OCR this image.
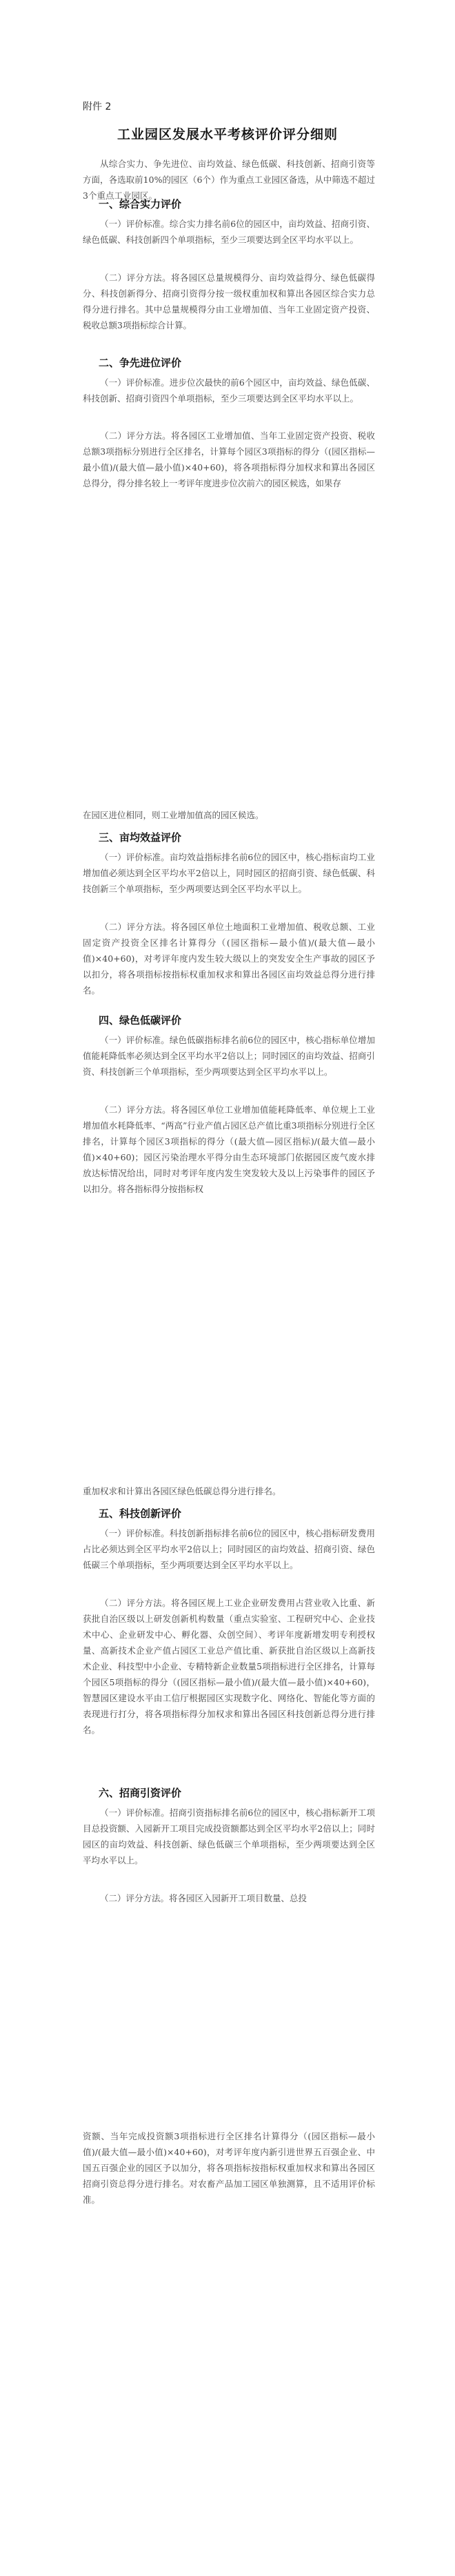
附件 2
工业园区发展水平考核评价评分细则

从综合实力、争先进位、亩均效益、绿色低碳、科技创新、招商引资等方面，各选取前10%的园区（6个）作为重点工业园区备选，从中筛选不超过3个重点工业园区。

一、综合实力评价

（一）评价标准。综合实力排名前6位的园区中，亩均效益、招商引资、绿色低碳、科技创新四个单项指标，至少三项要达到全区平均水平以上。

（二）评分方法。将各园区总量规模得分、亩均效益得分、绿色低碳得分、科技创新得分、招商引资得分按一级权重加权和算出各园区综合实力总得分进行排名。其中总量规模得分由工业增加值、当年工业固定资产投资、税收总额3项指标综合计算。

二、争先进位评价

（一）评价标准。进步位次最快的前6个园区中，亩均效益、绿色低碳、科技创新、招商引资四个单项指标，至少三项要达到全区平均水平以上。

（二）评分方法。将各园区工业增加值、当年工业固定资产投资、税收总额3项指标分别进行全区排名，计算每个园区3项指标的得分（(园区指标—最小值)/(最大值—最小值)×40+60)，将各项指标得分加权求和算出各园区总得分，得分排名较上一考评年度进步位次前六的园区候选，如果存

在园区进位相同，则工业增加值高的园区候选。

三、亩均效益评价

（一）评价标准。亩均效益指标排名前6位的园区中，核心指标亩均工业增加值必须达到全区平均水平2倍以上，同时园区的招商引资、绿色低碳、科技创新三个单项指标，至少两项要达到全区平均水平以上。

（二）评分方法。将各园区单位土地面积工业增加值、税收总额、工业固定资产投资全区排名计算得分（(园区指标—最小值)/(最大值—最小值)×40+60)，对考评年度内发生较大级以上的突发安全生产事故的园区予以扣分，将各项指标按指标权重加权求和算出各园区亩均效益总得分进行排名。

四、绿色低碳评价

（一）评价标准。绿色低碳指标排名前6位的园区中，核心指标单位增加值能耗降低率必须达到全区平均水平2倍以上；同时园区的亩均效益、招商引资、科技创新三个单项指标，至少两项要达到全区平均水平以上。

（二）评分方法。将各园区单位工业增加值能耗降低率、单位规上工业增加值水耗降低率、“两高”行业产值占园区总产值比重3项指标分别进行全区排名，计算每个园区3项指标的得分（(最大值—园区指标)/(最大值—最小值)×40+60)；园区污染治理水平得分由生态环境部门依据园区废气废水排放达标情况给出，同时对考评年度内发生突发较大及以上污染事件的园区予以扣分。将各指标得分按指标权

重加权求和计算出各园区绿色低碳总得分进行排名。

五、科技创新评价

（一）评价标准。科技创新指标排名前6位的园区中，核心指标研发费用占比必须达到全区平均水平2倍以上；同时园区的亩均效益、招商引资、绿色低碳三个单项指标，至少两项要达到全区平均水平以上。

（二）评分方法。将各园区规上工业企业研发费用占营业收入比重、新获批自治区级以上研发创新机构数量（重点实验室、工程研究中心、企业技术中心、企业研发中心、孵化器、众创空间）、考评年度新增发明专利授权量、高新技术企业产值占园区工业总产值比重、新获批自治区级以上高新技术企业、科技型中小企业、专精特新企业数量5项指标进行全区排名，计算每个园区5项指标的得分（(园区指标—最小值)/(最大值—最小值)×40+60)，智慧园区建设水平由工信厅根据园区实现数字化、网络化、智能化等方面的表现进行打分，将各项指标得分加权求和算出各园区科技创新总得分进行排名。

六、招商引资评价

（一）评价标准。招商引资指标排名前6位的园区中，核心指标新开工项目总投资额、入园新开工项目完成投资额都达到全区平均水平2倍以上；同时园区的亩均效益、科技创新、绿色低碳三个单项指标，至少两项要达到全区平均水平以上。

（二）评分方法。将各园区入园新开工项目数量、总投

资额、当年完成投资额3项指标进行全区排名计算得分（(园区指标—最小值)/(最大值—最小值)×40+60)，对考评年度内新引进世界五百强企业、中国五百强企业的园区予以加分，将各项指标按指标权重加权求和算出各园区招商引资总得分进行排名。对农畜产品加工园区单独测算，且不适用评价标准。
